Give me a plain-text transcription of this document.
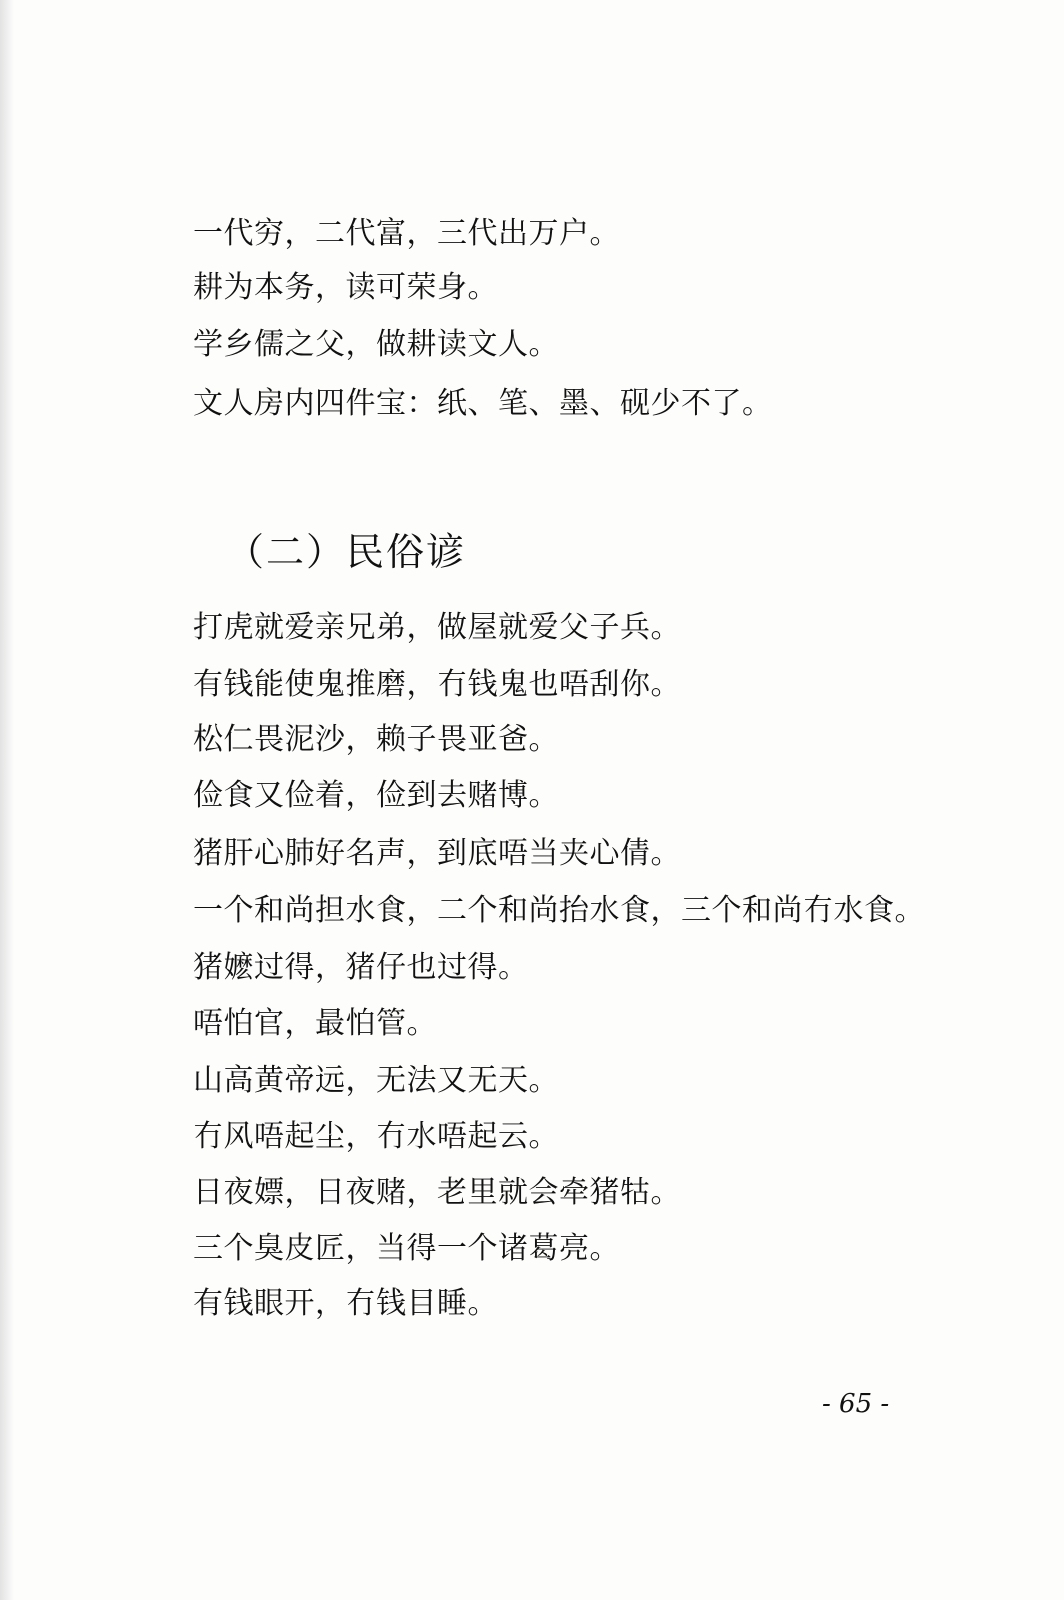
一代穷，二代富，三代出万户。
耕为本务，读可荣身。
学乡儒之父，做耕读文人。
文人房内四件宝：纸、笔、墨、砚少不了。
（二）民俗谚
打虎就爱亲兄弟，做屋就爱父子兵。
有钱能使鬼推磨，冇钱鬼也唔刮你。
松仁畏泥沙，赖子畏亚爸。
俭食又俭着，俭到去赌博。
猪肝心肺好名声，到底唔当夹心倩。
一个和尚担水食，二个和尚抬水食，三个和尚冇水食。
猪嬷过得，猪仔也过得。
唔怕官，最怕管。
山高黄帝远，无法又无天。
冇风唔起尘，冇水唔起云。
日夜嫖，日夜赌，老里就会牵猪牯。
三个臭皮匠，当得一个诸葛亮。
有钱眼开，冇钱目睡。
- 65 -
